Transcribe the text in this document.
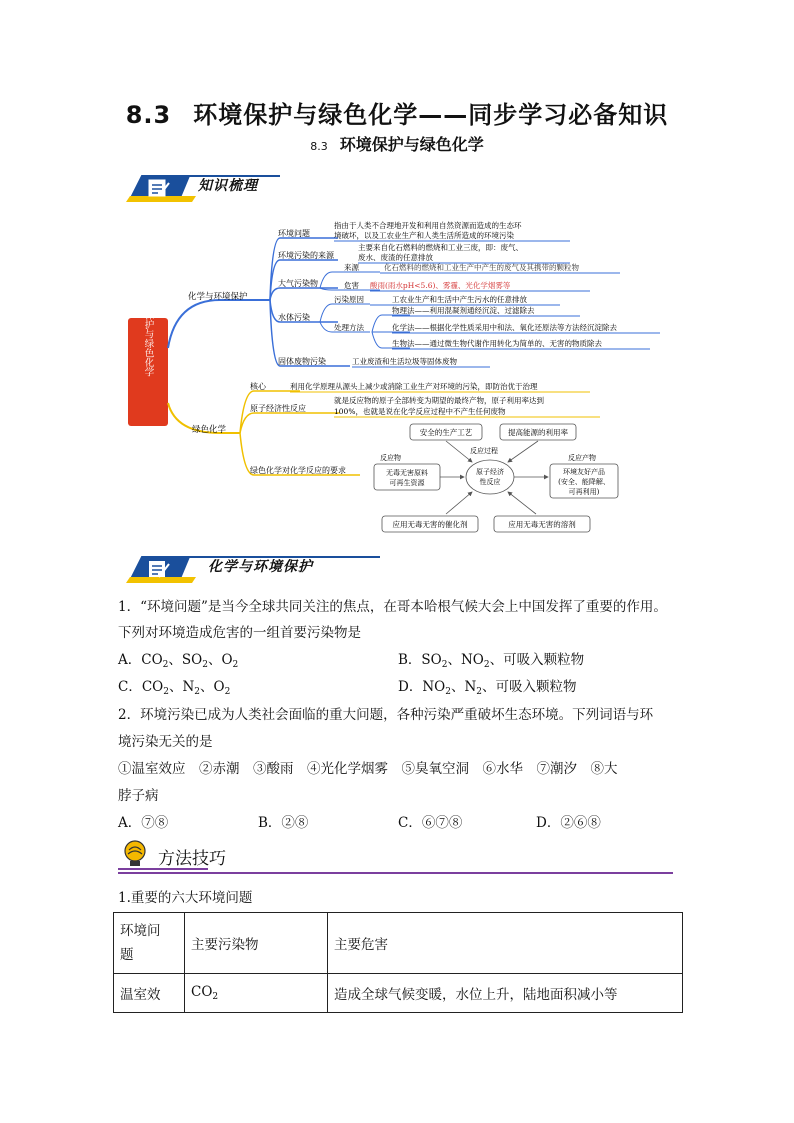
8.3 环境保护与绿色化学——同步学习必备知识
8.3 环境保护与绿色化学
知识梳理
环境保护与绿色化学	化学与环境保护
绿色化学
环境问题
指由于人类不合理地开发和利用自然资源而造成的生态环
境破坏，以及工农业生产和人类生活所造成的环境污染
环境污染的来源
主要来自化石燃料的燃烧和工业三废，即：废气、
废水、废渣的任意排放
大气污染物
来源	化石燃料的燃烧和工业生产中产生的废气及其携带的颗粒物
危害 酸雨(雨水pH<5.6)、雾霾、光化学烟雾等
水体污染
污染原因	工农业生产和生活中产生污水的任意排放
处理方法
物理法——利用混凝剂通经沉淀、过滤除去
化学法——根据化学性质采用中和法、氧化还原法等方法经沉淀除去
生物法——通过微生物代谢作用转化为简单的、无害的物质除去
固体废物污染	工业废渣和生活垃圾等固体废物
核心	利用化学原理从源头上减少或消除工业生产对环境的污染，即防治优于治理
原子经济性反应
就是反应物的原子全部转变为期望的最终产物，原子利用率达到
100%，也就是说在化学反应过程中不产生任何废物
绿色化学对化学反应的要求
安全的生产工艺	提高能源的利用率
反应物
反应过程
反应产物
无毒无害原料
可再生资源
原子经济
性反应
环境友好产品
(安全、能降解、
可再利用)
应用无毒无害的催化剂	应用无毒无害的溶剂
化学与环境保护
1．“环境问题”是当今全球共同关注的焦点，在哥本哈根气候大会上中国发挥了重要的作用。
下列对环境造成危害的一组首要污染物是
A．$CO_2$、$SO_2$、$O_2$	B．$SO_2$、$NO_2$、可吸入颗粒物
C．$CO_2$、$N_2$、$O_2$	D．$NO_2$、$N_2$、可吸入颗粒物
2．环境污染已成为人类社会面临的重大问题，各种污染严重破坏生态环境。下列词语与环
境污染无关的是
①温室效应　②赤潮　③酸雨　④光化学烟雾　⑤臭氧空洞　⑥水华　⑦潮汐　⑧大
脖子病
A．⑦⑧	B．②⑧	C．⑥⑦⑧	D．②⑥⑧
方法技巧
1.重要的六大环境问题
环境问
题	主要污染物	主要危害
温室效	$CO_2$	造成全球气候变暖，水位上升，陆地面积减小等
